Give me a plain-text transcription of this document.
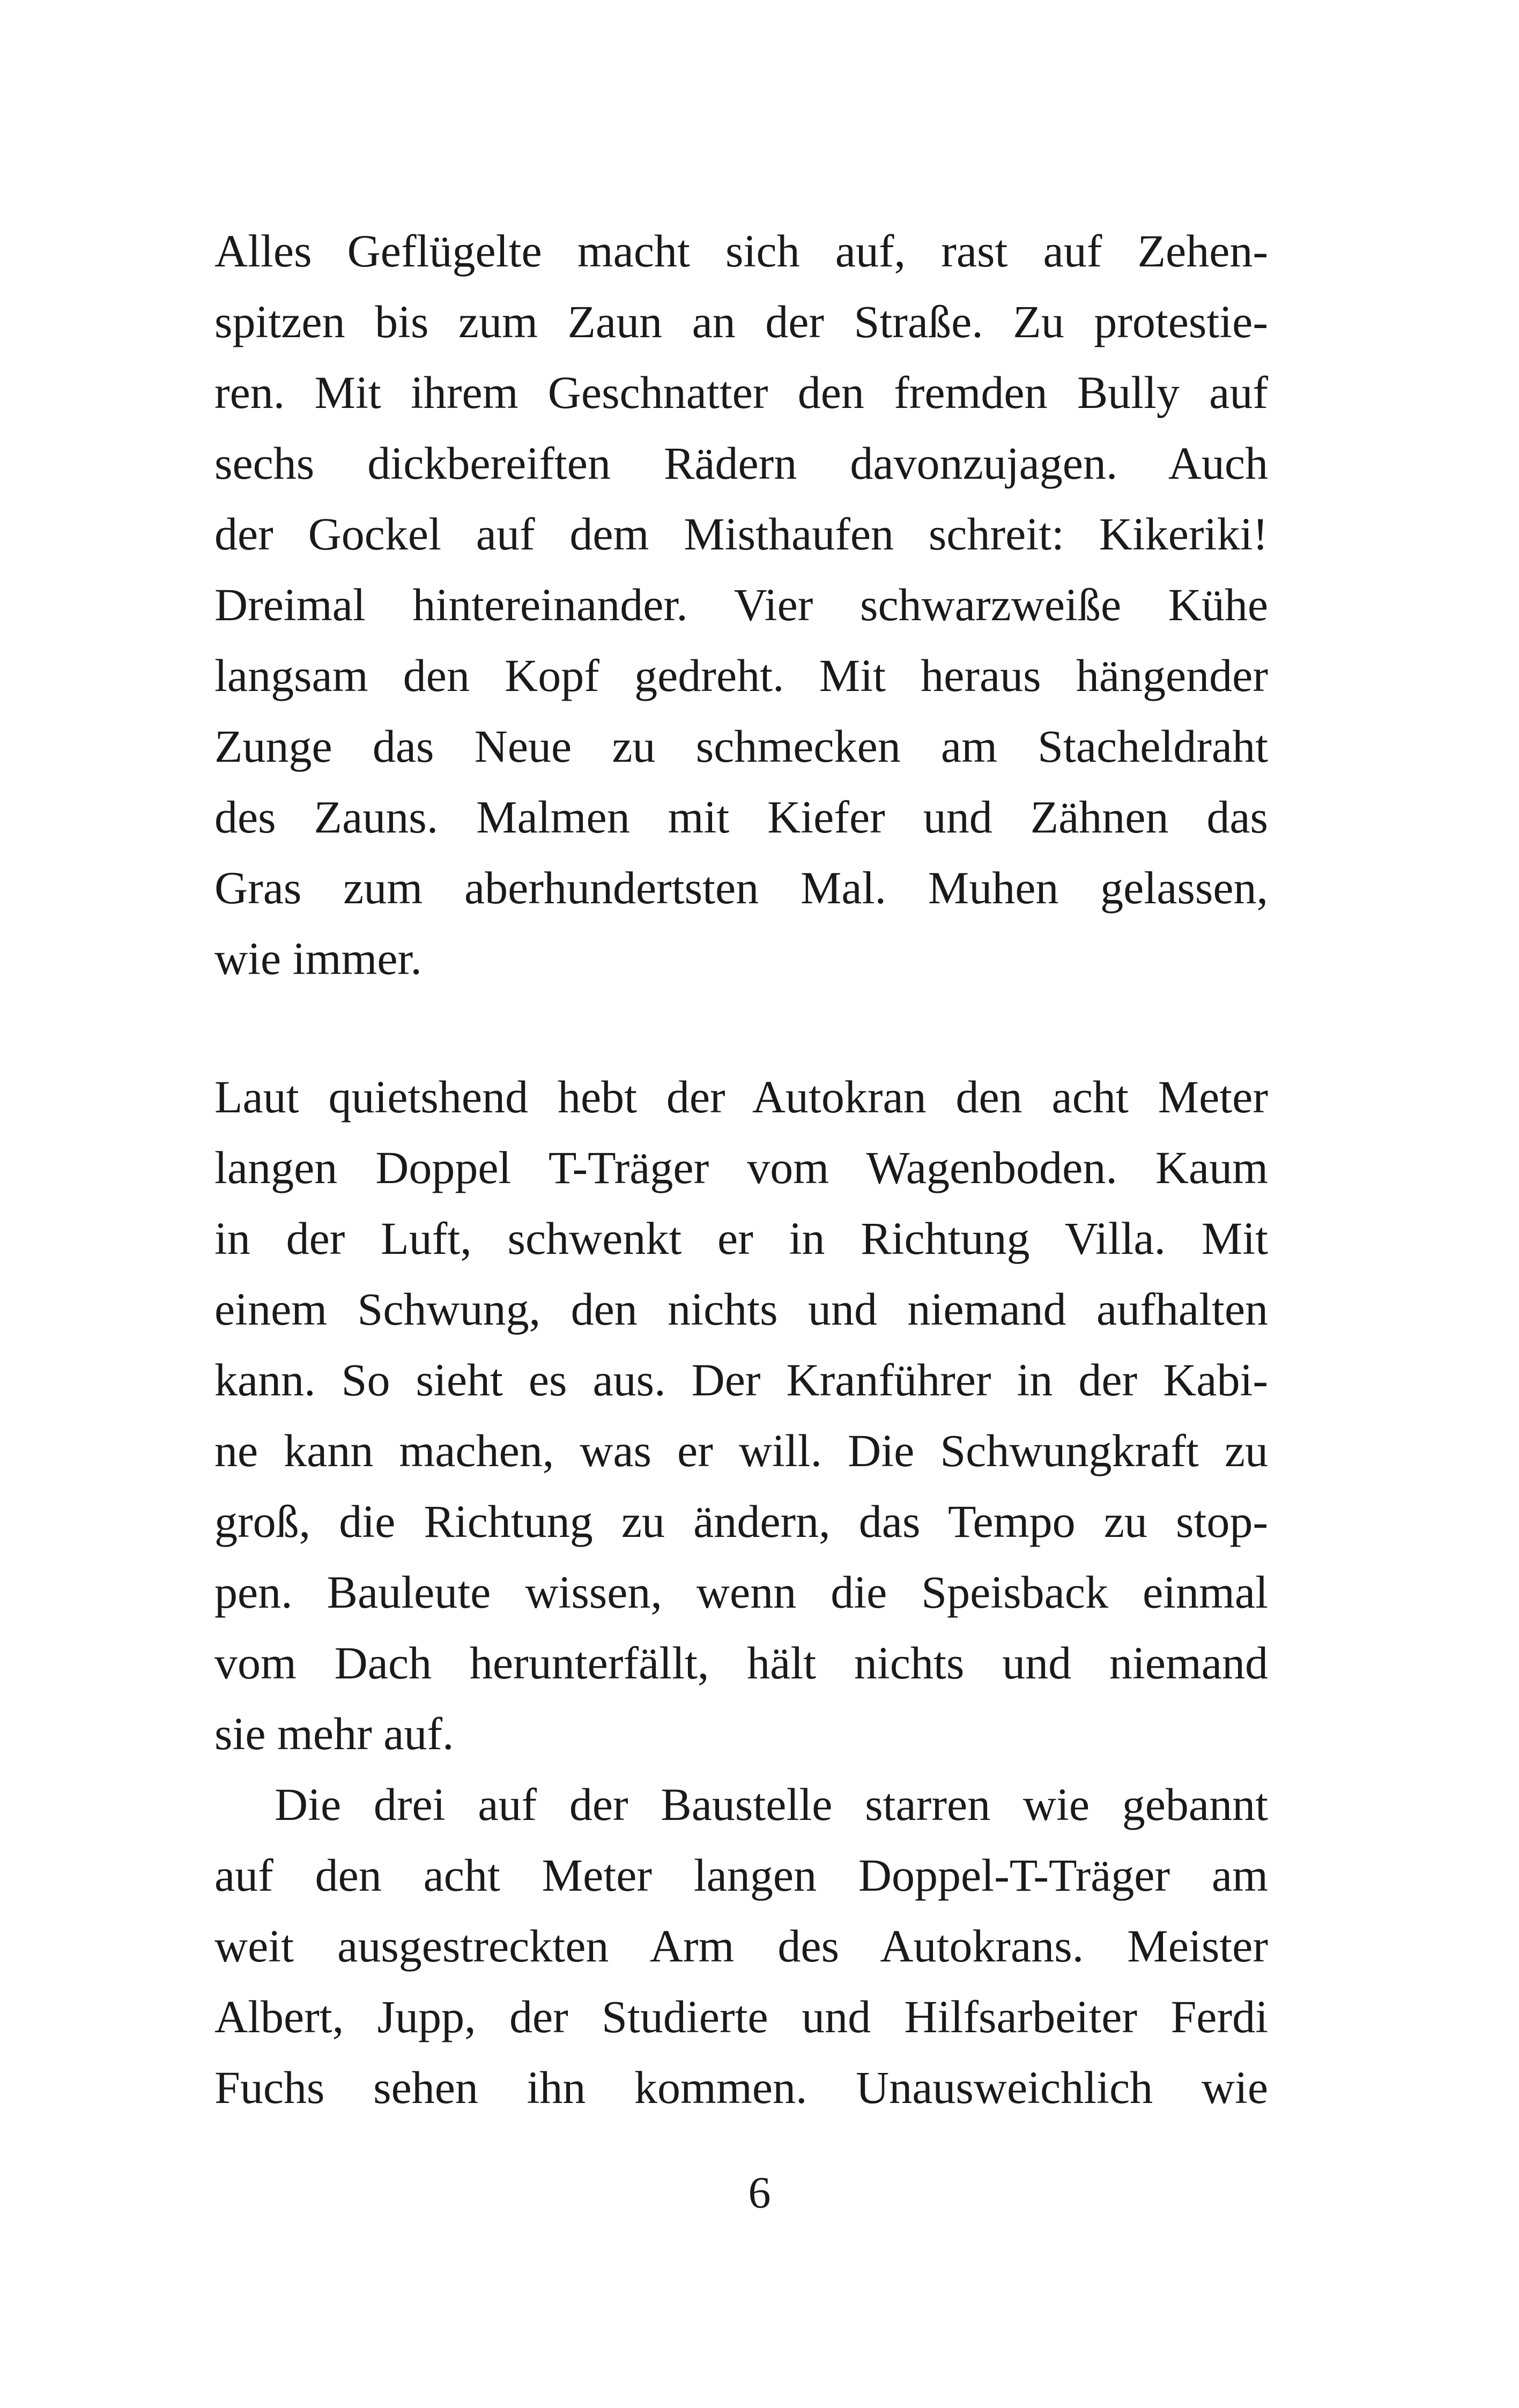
Alles Geflügelte macht sich auf, rast auf Zehen-
spitzen bis zum Zaun an der Straße. Zu protestie-
ren. Mit ihrem Geschnatter den fremden Bully auf
sechs dickbereiften Rädern davonzujagen. Auch
der Gockel auf dem Misthaufen schreit: Kikeriki!
Dreimal hintereinander. Vier schwarzweiße Kühe
langsam den Kopf gedreht. Mit heraus hängender
Zunge das Neue zu schmecken am Stacheldraht
des Zauns. Malmen mit Kiefer und Zähnen das
Gras zum aberhundertsten Mal. Muhen gelassen,
wie immer.
Laut quietshend hebt der Autokran den acht Meter
langen Doppel T-Träger vom Wagenboden. Kaum
in der Luft, schwenkt er in Richtung Villa. Mit
einem Schwung, den nichts und niemand aufhalten
kann. So sieht es aus. Der Kranführer in der Kabi-
ne kann machen, was er will. Die Schwungkraft zu
groß, die Richtung zu ändern, das Tempo zu stop-
pen. Bauleute wissen, wenn die Speisback einmal
vom Dach herunterfällt, hält nichts und niemand
sie mehr auf.
Die drei auf der Baustelle starren wie gebannt
auf den acht Meter langen Doppel-T-Träger am
weit ausgestreckten Arm des Autokrans. Meister
Albert, Jupp, der Studierte und Hilfsarbeiter Ferdi
Fuchs sehen ihn kommen. Unausweichlich wie
6
